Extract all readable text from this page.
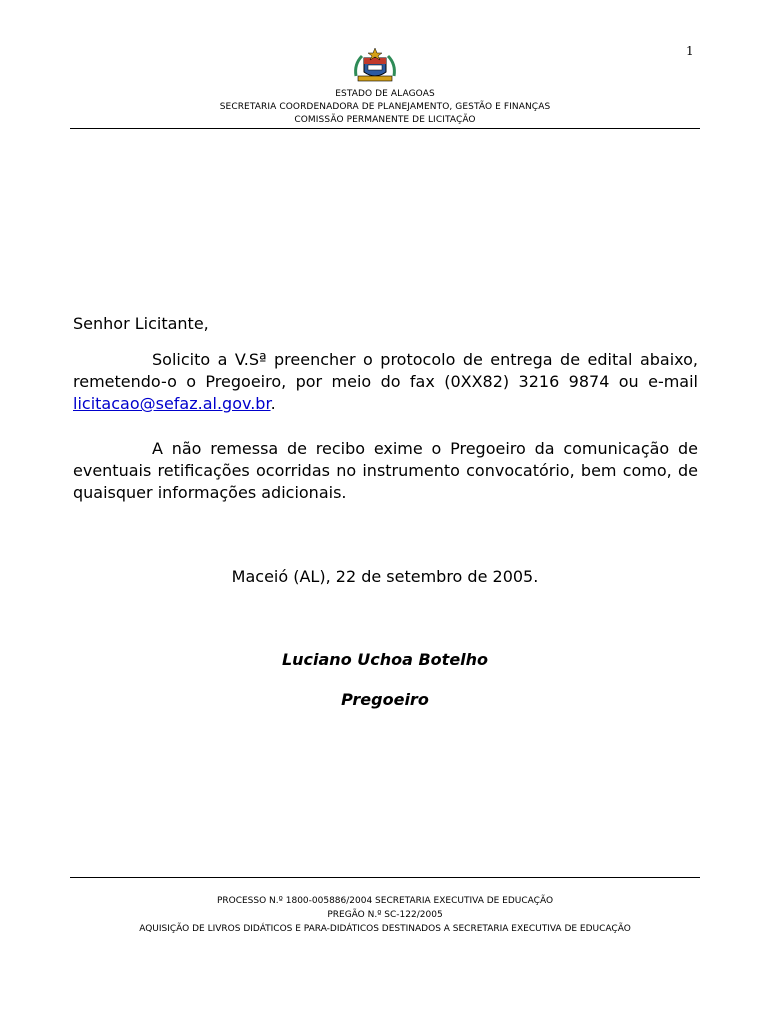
1
ESTADO DE ALAGOAS
SECRETARIA COORDENADORA DE PLANEJAMENTO, GESTÃO E FINANÇAS
COMISSÃO PERMANENTE DE LICITAÇÃO
Senhor Licitante,
Solicito a V.Sª preencher o protocolo de entrega de edital abaixo, remetendo-o o Pregoeiro, por meio do fax (0XX82) 3216 9874 ou e-mail licitacao@sefaz.al.gov.br.
A não remessa de recibo exime o Pregoeiro da comunicação de eventuais retificações ocorridas no instrumento convocatório, bem como, de quaisquer informações adicionais.
Maceió (AL), 22 de setembro de 2005.
Luciano Uchoa Botelho
Pregoeiro
PROCESSO N.º 1800-005886/2004 SECRETARIA EXECUTIVA DE EDUCAÇÃO
PREGÃO N.º SC-122/2005
AQUISIÇÃO DE LIVROS DIDÁTICOS E PARA-DIDÁTICOS DESTINADOS A SECRETARIA EXECUTIVA DE EDUCAÇÃO
